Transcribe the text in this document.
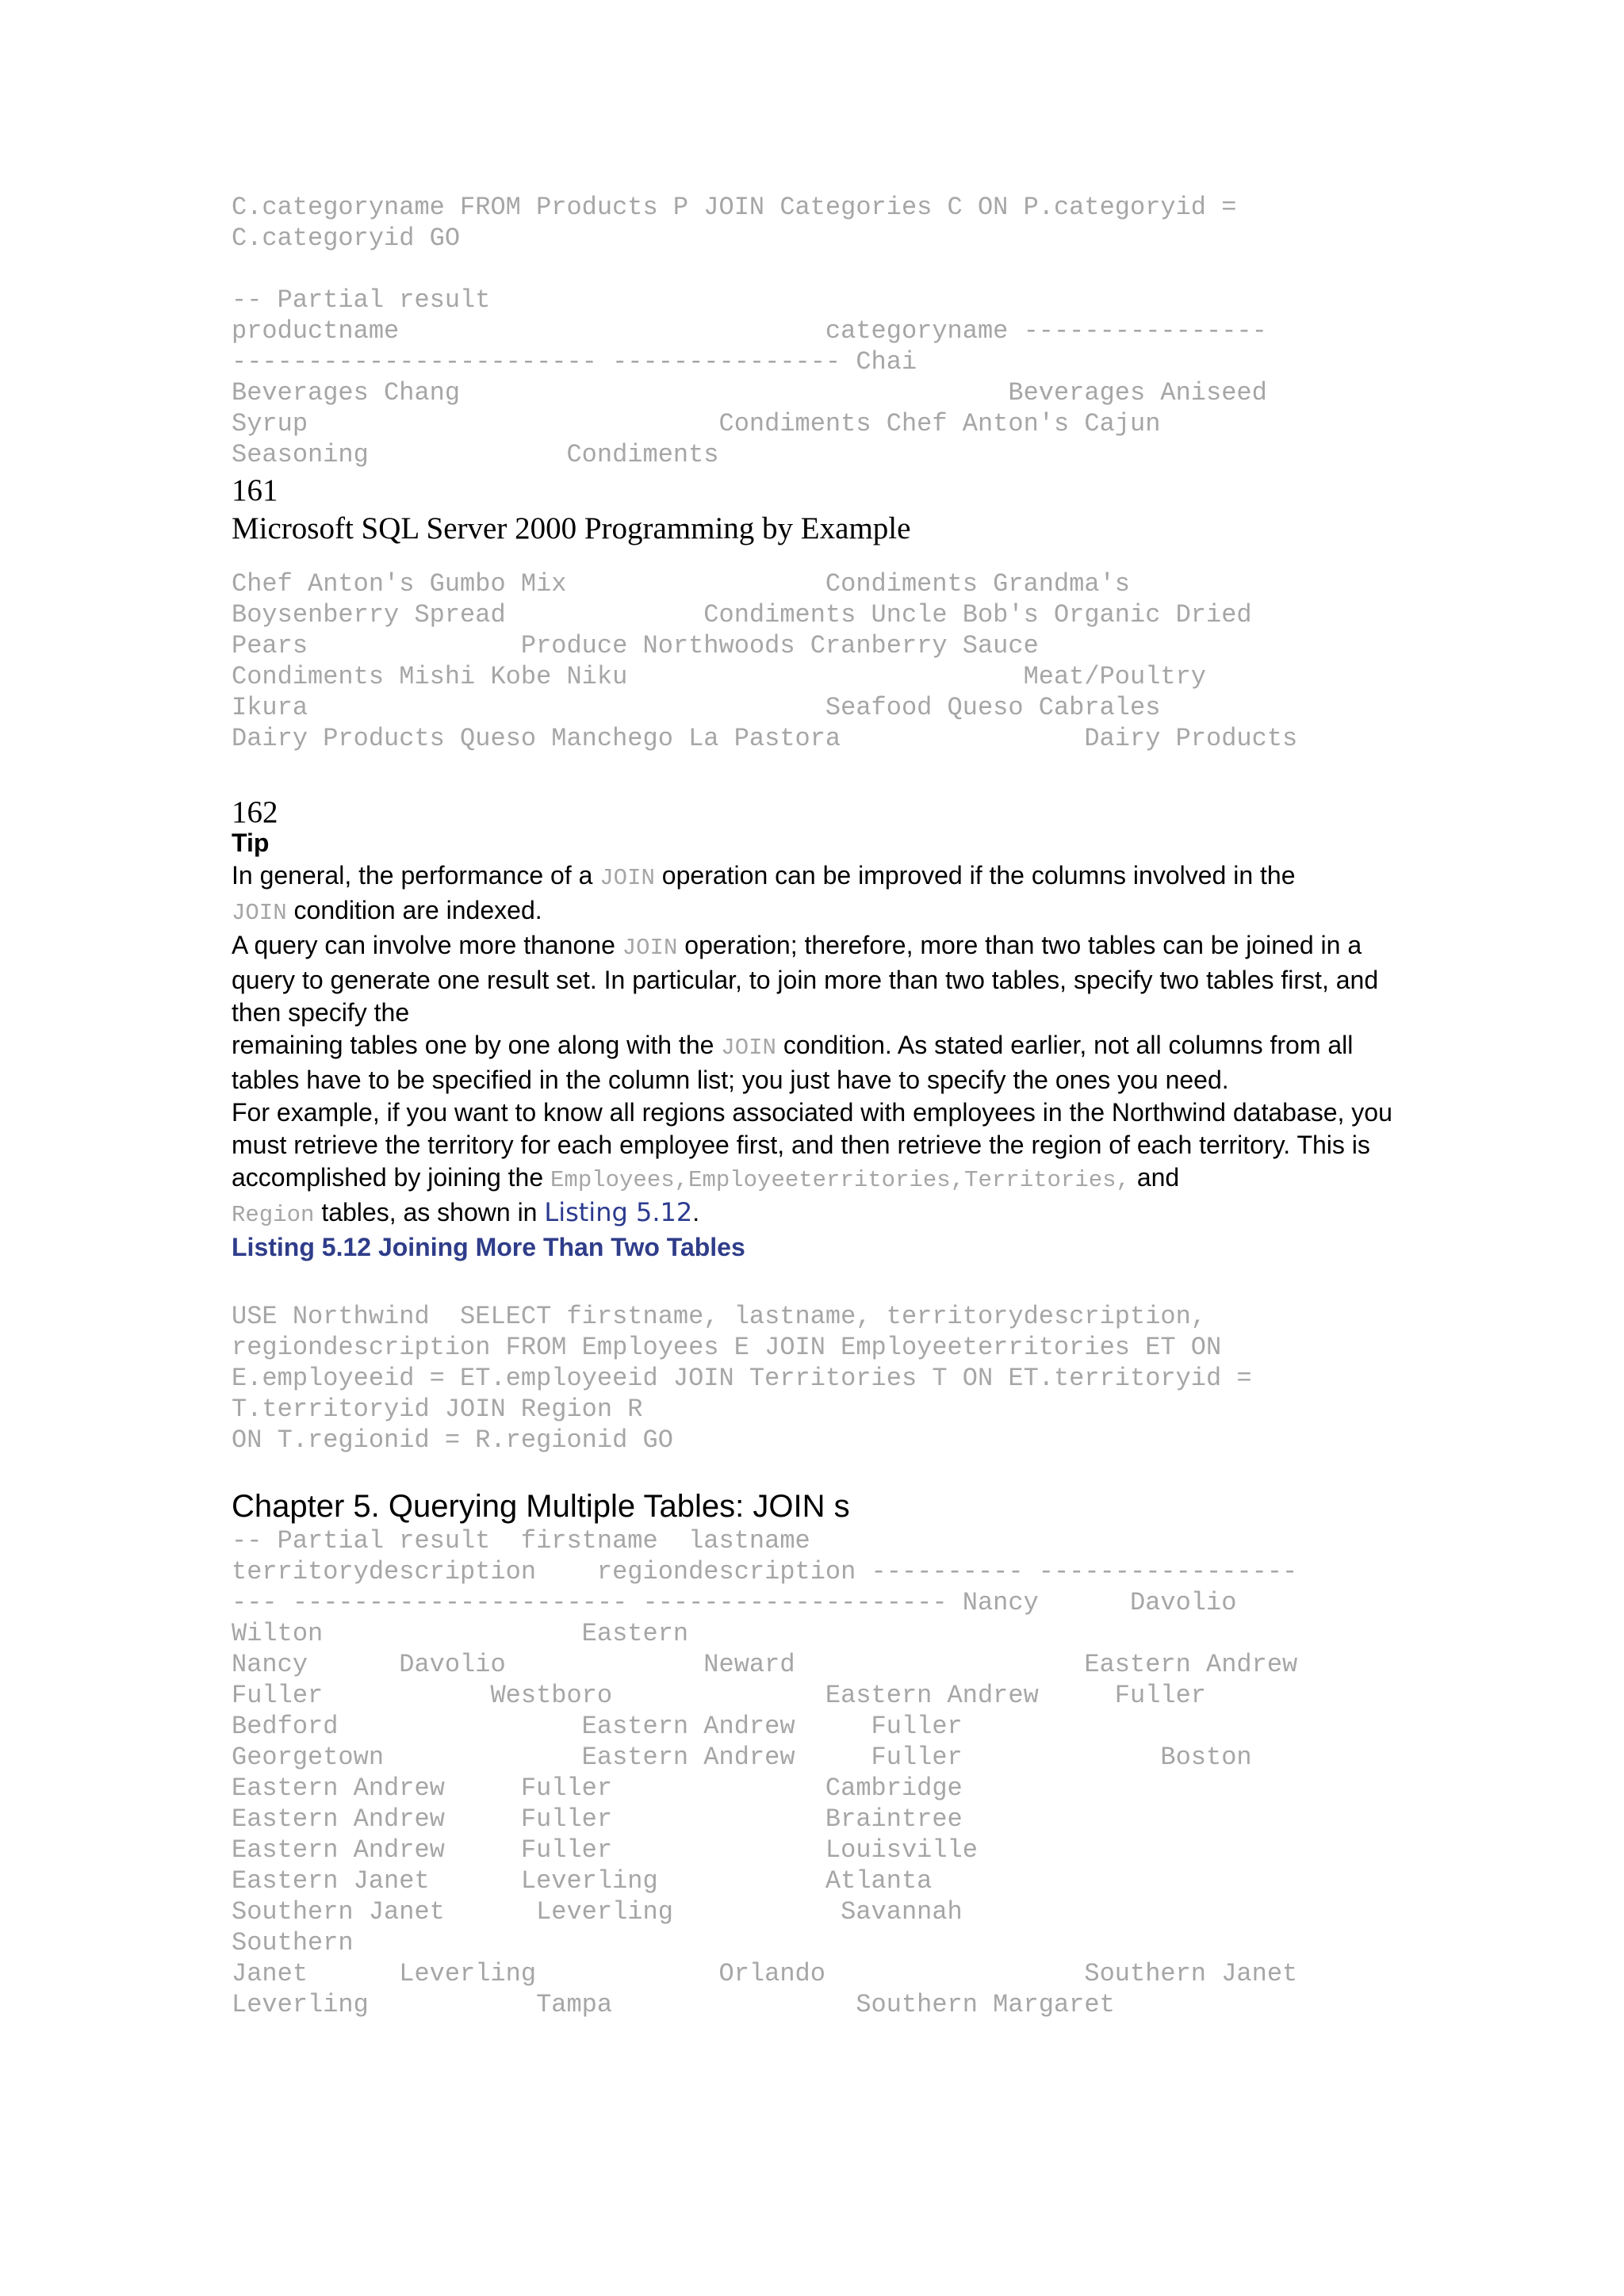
C.categoryname FROM Products P JOIN Categories C ON P.categoryid =
C.categoryid GO

-- Partial result
productname                            categoryname ----------------
------------------------ --------------- Chai
Beverages Chang                                    Beverages Aniseed
Syrup                           Condiments Chef Anton's Cajun
Seasoning             Condiments

161

Microsoft SQL Server 2000 Programming by Example

Chef Anton's Gumbo Mix                 Condiments Grandma's
Boysenberry Spread             Condiments Uncle Bob's Organic Dried
Pears              Produce Northwoods Cranberry Sauce
Condiments Mishi Kobe Niku                          Meat/Poultry
Ikura                                  Seafood Queso Cabrales
Dairy Products Queso Manchego La Pastora                Dairy Products

162

Tip

In general, the performance of a JOIN operation can be improved if the columns involved in the
JOIN condition are indexed.

A query can involve more thanone JOIN operation; therefore, more than two tables can be joined in a query to generate one result set. In particular, to join more than two tables, specify two tables first, and then specify the
remaining tables one by one along with the JOIN condition. As stated earlier, not all columns from all tables have to be specified in the column list; you just have to specify the ones you need.

For example, if you want to know all regions associated with employees in the Northwind database, you must retrieve the territory for each employee first, and then retrieve the region of each territory. This is
accomplished by joining the Employees,Employeeterritories,Territories, and
Region tables, as shown in Listing 5.12.

Listing 5.12 Joining More Than Two Tables

USE Northwind  SELECT firstname, lastname, territorydescription,
regiondescription FROM Employees E JOIN Employeeterritories ET ON
E.employeeid = ET.employeeid JOIN Territories T ON ET.territoryid =
T.territoryid JOIN Region R
ON T.regionid = R.regionid GO

Chapter 5. Querying Multiple Tables: JOIN s

-- Partial result  firstname  lastname
territorydescription    regiondescription ---------- -----------------
--- ---------------------- -------------------- Nancy      Davolio
Wilton                 Eastern
Nancy      Davolio             Neward                   Eastern Andrew
Fuller           Westboro              Eastern Andrew     Fuller
Bedford                Eastern Andrew     Fuller
Georgetown             Eastern Andrew     Fuller             Boston
Eastern Andrew     Fuller              Cambridge
Eastern Andrew     Fuller              Braintree
Eastern Andrew     Fuller              Louisville
Eastern Janet      Leverling           Atlanta
Southern Janet      Leverling           Savannah
Southern
Janet      Leverling            Orlando                 Southern Janet
Leverling           Tampa                Southern Margaret
